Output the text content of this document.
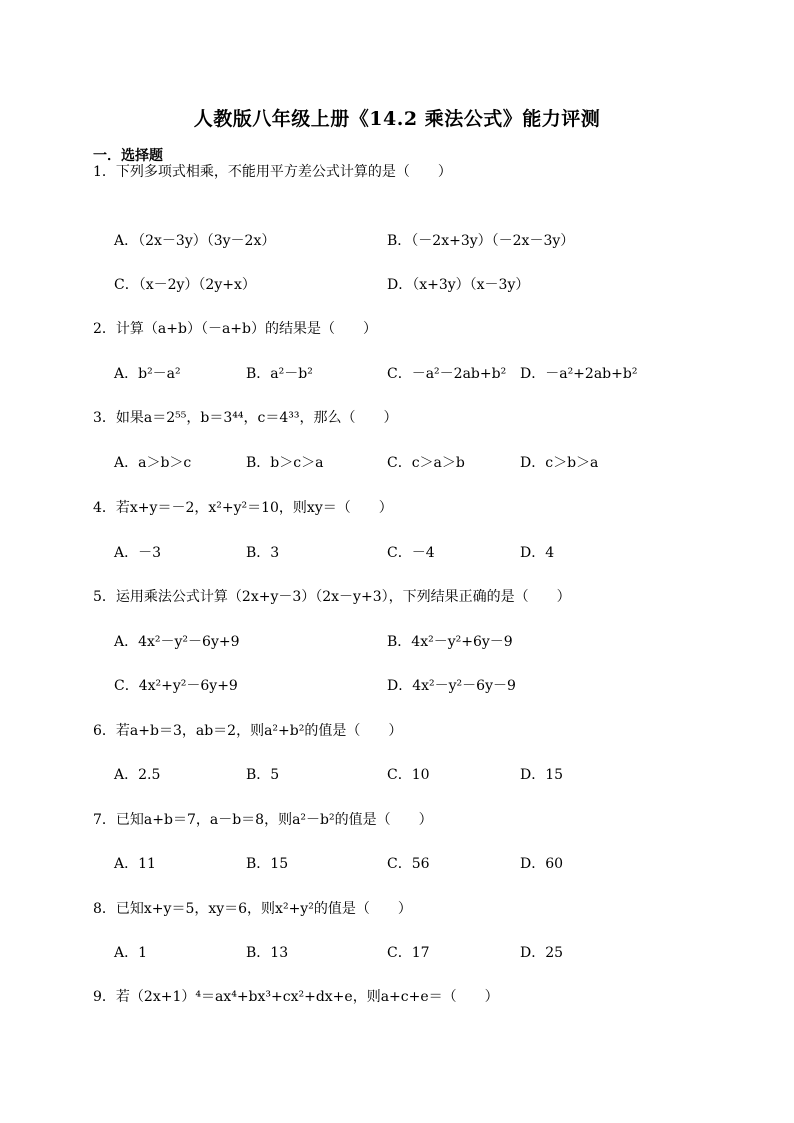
人教版八年级上册《14.2 乘法公式》能力评测
一．选择题
1．下列多项式相乘，不能用平方差公式计算的是（　　）
A．（2x－3y）（3y－2x）	B．（－2x+3y）（－2x－3y）
C．（x－2y）（2y+x）	D．（x+3y）（x－3y）
2．计算（a+b）（－a+b）的结果是（　　）
A．b²－a²	B．a²－b²	C．－a²－2ab+b² D．－a²+2ab+b²
3．如果a＝2⁵⁵，b＝3⁴⁴，c＝4³³，那么（　　）
A．a＞b＞c	B．b＞c＞a	C．c＞a＞b	D．c＞b＞a
4．若x+y＝－2，x²+y²＝10，则xy＝（　　）
A．－3	B．3	C．－4	D．4
5．运用乘法公式计算（2x+y－3）（2x－y+3），下列结果正确的是（　　）
A．4x²－y²－6y+9	B．4x²－y²+6y－9
C．4x²+y²－6y+9	D．4x²－y²－6y－9
6．若a+b＝3，ab＝2，则a²+b²的值是（　　）
A．2.5	B．5	C．10	D．15
7．已知a+b＝7，a－b＝8，则a²－b²的值是（　　）
A．11	B．15	C．56	D．60
8．已知x+y＝5，xy＝6，则x²+y²的值是（　　）
A．1	B．13	C．17	D．25
9．若（2x+1）⁴＝ax⁴+bx³+cx²+dx+e，则a+c+e＝（　　）
